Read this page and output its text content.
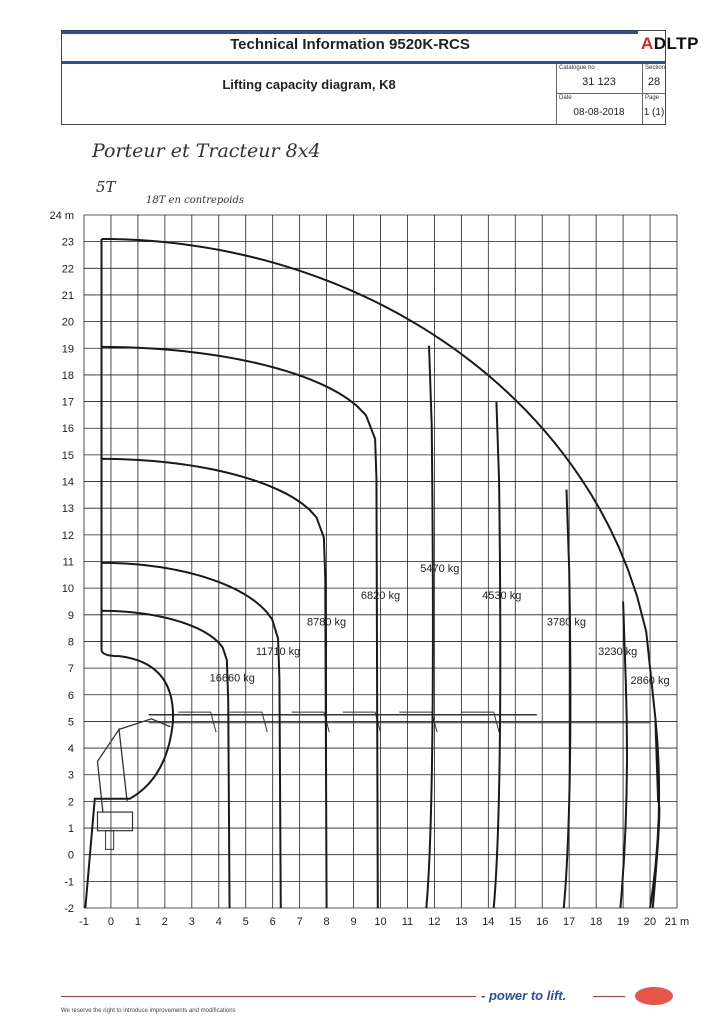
Technical Information 9520K-RCS	ADLTP
Lifting capacity diagram, K8
Catalogue no
31 123
Section
28
Date
08-08-2018
Page
1 (1)
Porteur et Tracteur 8x4
5T
18T en contrepoids
-1 0 1 2 3 4 5 6 7 8 9 10 11 12 13 14 15 16 17 18 19 20 21 m
-2
-1
0
1
2
3
4
5
6
7
8
9
10
11
12
13
14
15
16
17
18
19
20
21
22
23
24 m
16660 kg
11710 kg
8780 kg
6820 kg
5470 kg
4530 kg
3780 kg
3230 kg
2860 kg
- power to lift.
We reserve the right to introduce improvements and modifications
